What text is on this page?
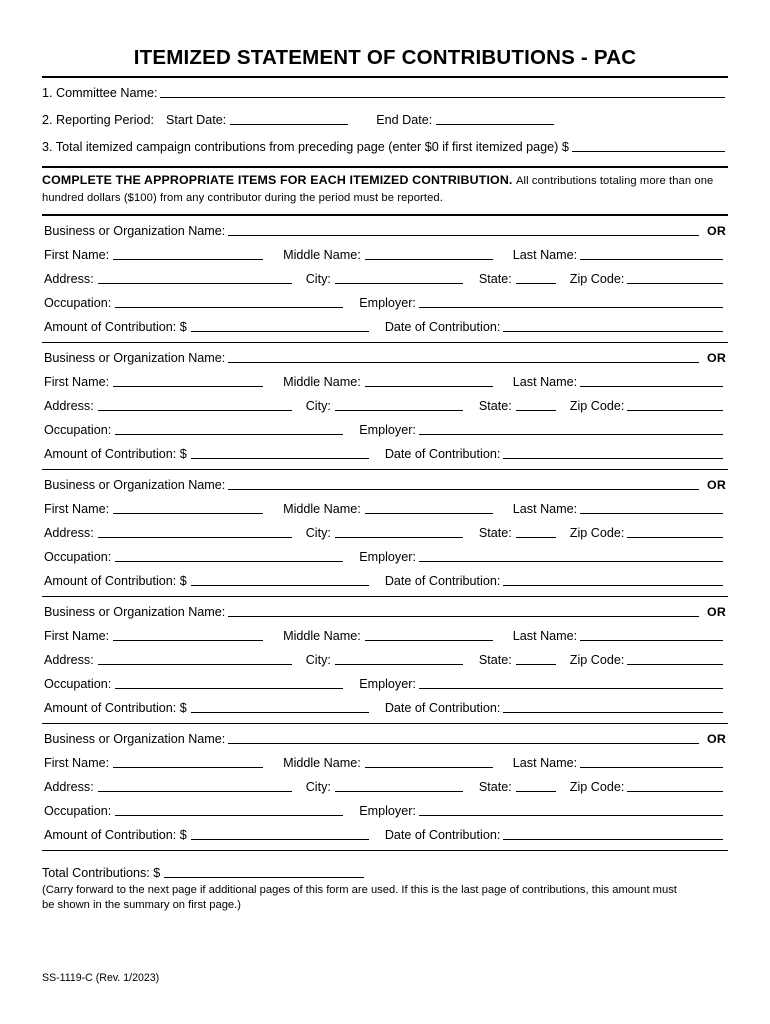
ITEMIZED STATEMENT OF CONTRIBUTIONS - PAC
1. Committee Name:
2. Reporting Period: Start Date:	End Date:
3. Total itemized campaign contributions from preceding page (enter $0 if first itemized page) $
COMPLETE THE APPROPRIATE ITEMS FOR EACH ITEMIZED CONTRIBUTION. All contributions totaling more than one hundred dollars ($100) from any contributor during the period must be reported.
Business or Organization Name:	OR
First Name:	Middle Name:	Last Name:
Address:	City:	State:	Zip Code:
Occupation:	Employer:
Amount of Contribution: $	Date of Contribution:
Business or Organization Name:	OR
First Name:	Middle Name:	Last Name:
Address:	City:	State:	Zip Code:
Occupation:	Employer:
Amount of Contribution: $	Date of Contribution:
Business or Organization Name:	OR
First Name:	Middle Name:	Last Name:
Address:	City:	State:	Zip Code:
Occupation:	Employer:
Amount of Contribution: $	Date of Contribution:
Business or Organization Name:	OR
First Name:	Middle Name:	Last Name:
Address:	City:	State:	Zip Code:
Occupation:	Employer:
Amount of Contribution: $	Date of Contribution:
Business or Organization Name:	OR
First Name:	Middle Name:	Last Name:
Address:	City:	State:	Zip Code:
Occupation:	Employer:
Amount of Contribution: $	Date of Contribution:
Total Contributions: $
(Carry forward to the next page if additional pages of this form are used. If this is the last page of contributions, this amount must be shown in the summary on first page.)
SS-1119-C (Rev. 1/2023)
